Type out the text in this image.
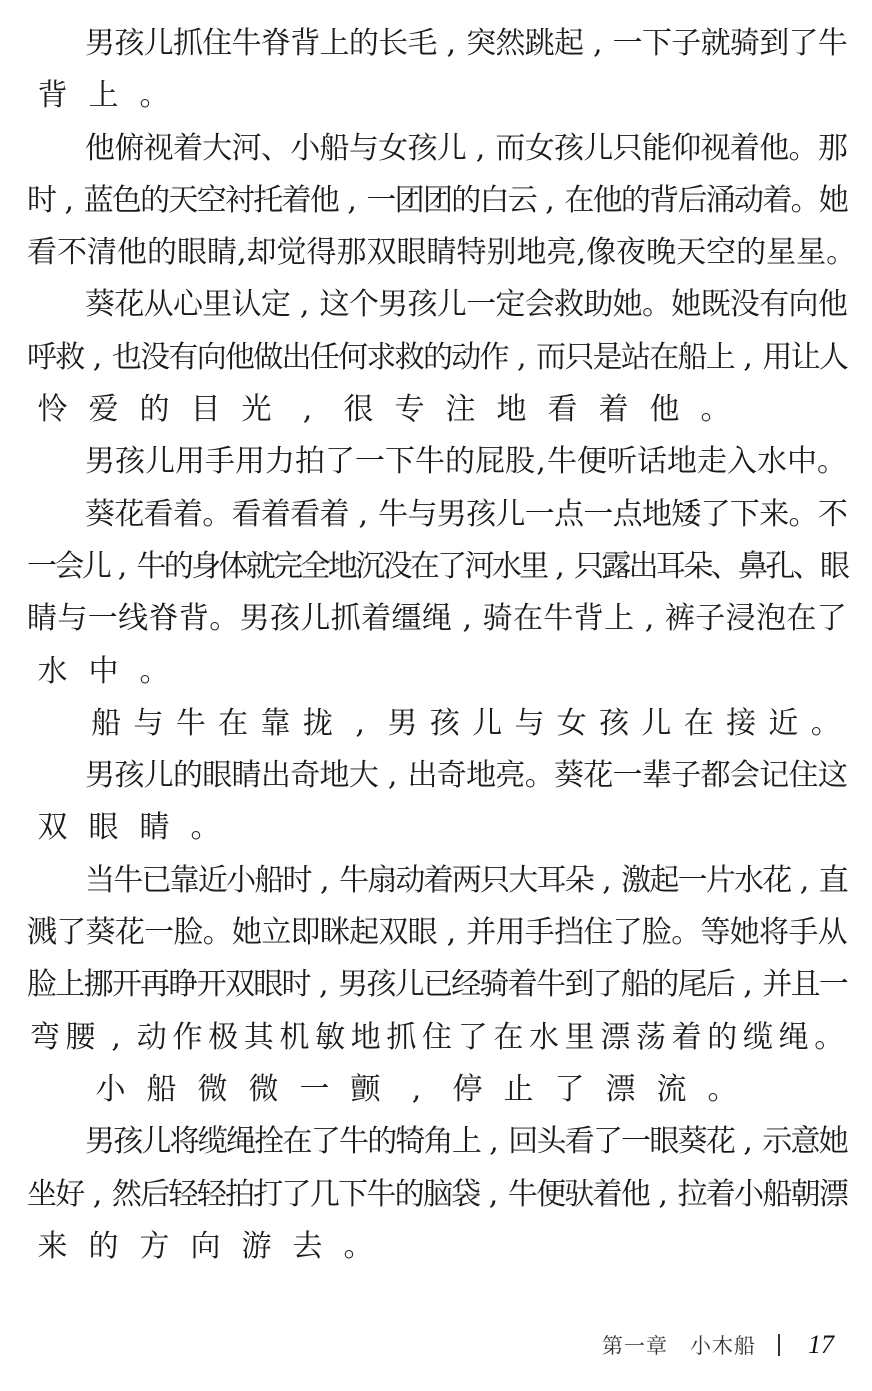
男 孩 儿 抓 住 牛 脊 背 上 的 长 毛 , 突 然 跳 起 , 一 下 子 就 骑 到 了 牛
背 上 。
他 俯 视 着 大 河 、 小 船 与 女 孩 儿 , 而 女 孩 儿 只 能 仰 视 着 他 。 那
时 , 蓝
色
的
天
空
衬
托
着
他 , 一
团
团
的
白
云 , 在
他
的
背
后
涌
动
着
。
她
看 不 清 他 的 眼 睛 , 却 觉 得 那 双 眼 睛 特 别 地 亮 , 像 夜 晚 天 空 的 星 星 。
葵 花 从 心 里 认 定 , 这 个 男 孩 儿 一 定 会 救 助 她 。 她 既 没 有 向 他
呼
救 , 也
没
有
向
他
做
出
任
何
求
救
的
动
作 , 而
只
是
站
在
船
上 , 用
让
人
怜 爱 的 目 光	,	很 专 注 地 看 着 他 。
男 孩 儿 用 手 用 力 拍 了 一 下 牛 的 屁 股 , 牛 便 听 话 地 走 入 水 中 。
葵 花 看 着 。 看 着 看 着 , 牛 与 男 孩 儿 一 点 一 点 地 矮 了 下 来 。 不
一
会
儿 , 牛
的
身
体
就
完
全
地
沉
没
在
了
河
水
里 , 只
露
出
耳
朵
、
鼻
孔
、
眼
睛 与 一 线 脊 背 。 男 孩 儿 抓 着 缰 绳 , 骑 在 牛 背 上 , 裤 子 浸 泡 在 了
水 中 。
船 与 牛 在 靠 拢 , 男 孩 儿 与 女 孩 儿 在 接 近 。
男 孩 儿 的 眼 睛 出 奇 地 大 , 出 奇 地 亮 。 葵 花 一 辈 子 都 会 记 住 这
双 眼 睛 。
当
牛
已
靠
近
小
船
时 , 牛
扇
动
着
两
只
大
耳
朵 , 激
起
一
片
水
花 , 直
溅 了 葵 花 一 脸 。 她 立 即 眯 起 双 眼 , 并 用 手 挡 住 了 脸 。 等 她 将 手 从
脸
上
挪
开
再
睁
开
双
眼
时 , 男
孩
儿
已
经
骑
着
牛
到
了
船
的
尾
后 , 并
且
一
弯 腰 , 动 作 极 其 机 敏 地 抓 住 了 在 水 里 漂 荡 着 的 缆 绳 。
小 船 微 微 一 颤	,	停 止 了 漂 流 。
男
孩
儿
将
缆
绳
拴
在
了
牛
的
犄
角
上 , 回
头
看
了
一
眼
葵
花 , 示
意
她
坐
好 , 然
后
轻
轻
拍
打
了
几
下
牛
的
脑
袋 , 牛
便
驮
着
他 , 拉
着
小
船
朝
漂
来 的 方 向 游 去 。
第一章 小木船 17
